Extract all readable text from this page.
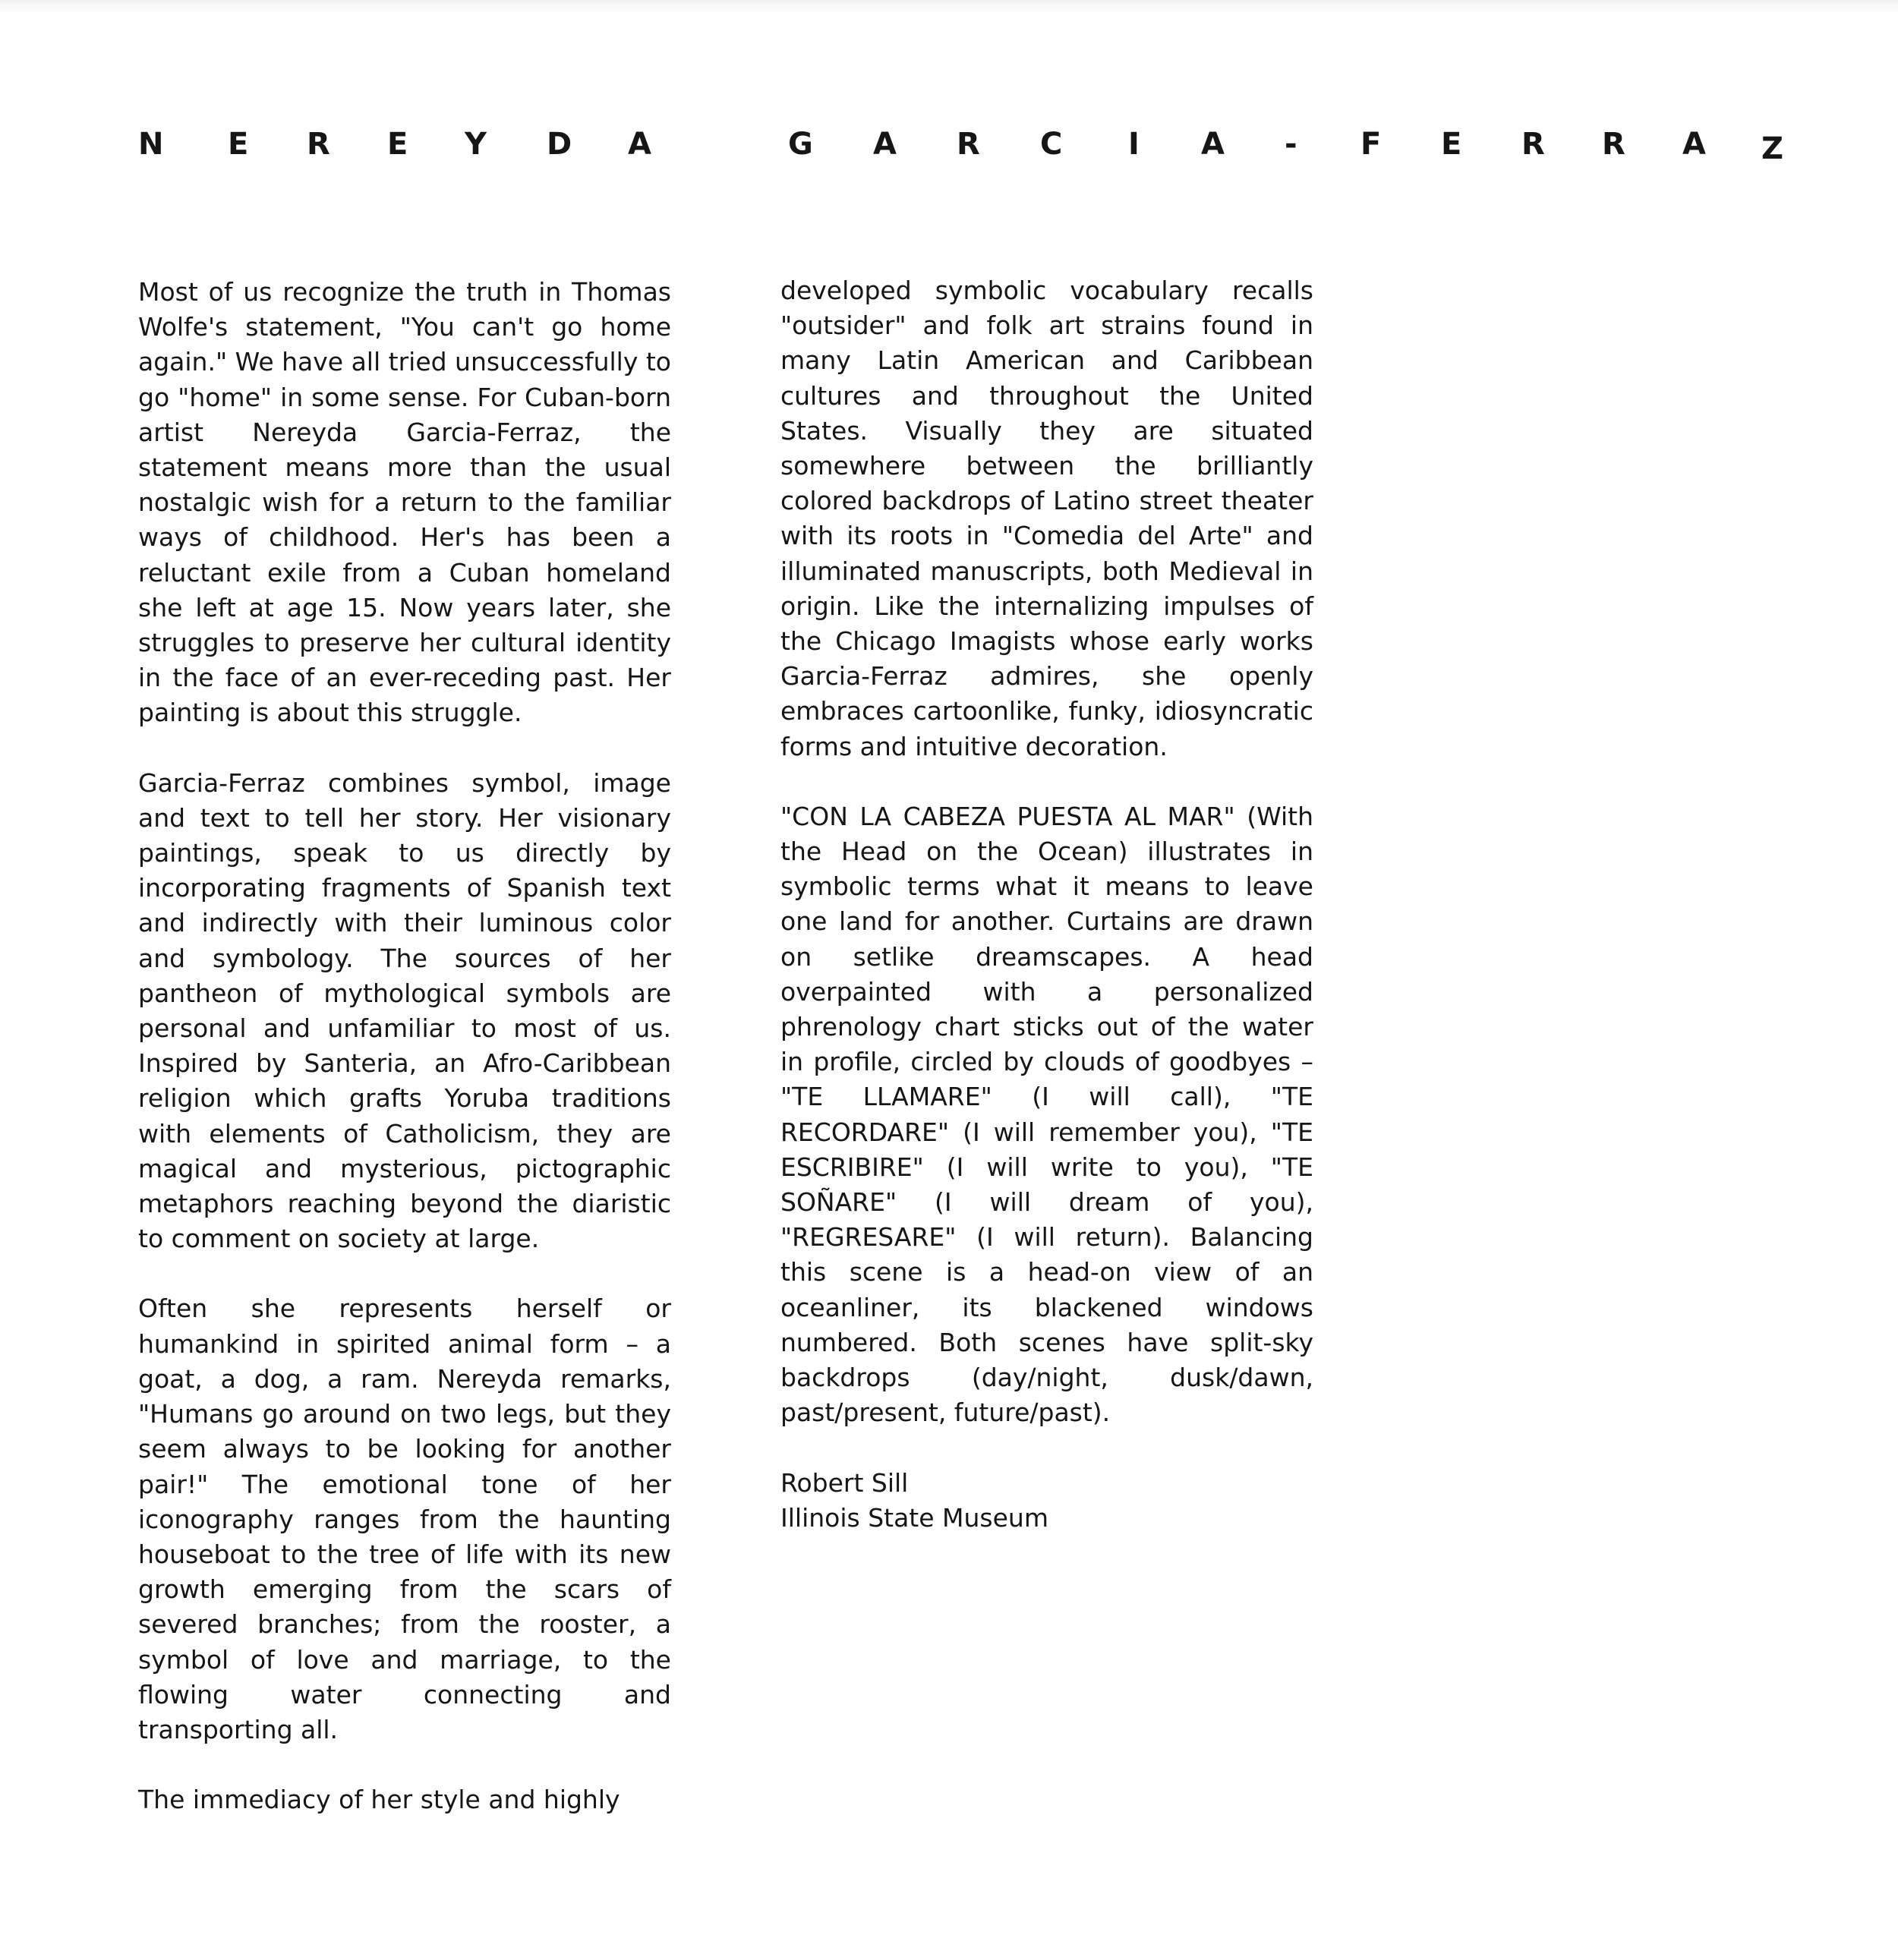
N E R E Y D A	G A R C I A - F E R R A Z

Most of us recognize the truth in Thomas Wolfe's statement, "You can't go home again." We have all tried unsuccessfully to go "home" in some sense. For Cuban-born artist Nereyda Garcia-Ferraz, the statement means more than the usual nostalgic wish for a return to the familiar ways of childhood. Her's has been a reluctant exile from a Cuban homeland she left at age 15. Now years later, she struggles to preserve her cultural identity in the face of an ever-receding past. Her painting is about this struggle.

Garcia-Ferraz combines symbol, image and text to tell her story. Her visionary paintings, speak to us directly by incorporating fragments of Spanish text and indirectly with their luminous color and symbology. The sources of her pantheon of mythological symbols are personal and unfamiliar to most of us. Inspired by Santeria, an Afro-Caribbean religion which grafts Yoruba traditions with elements of Catholicism, they are magical and mysterious, pictographic metaphors reaching beyond the diaristic to comment on society at large.

Often she represents herself or humankind in spirited animal form – a goat, a dog, a ram. Nereyda remarks, "Humans go around on two legs, but they seem always to be looking for another pair!" The emotional tone of her iconography ranges from the haunting houseboat to the tree of life with its new growth emerging from the scars of severed branches; from the rooster, a symbol of love and marriage, to the flowing water connecting and transporting all.

The immediacy of her style and highly

developed symbolic vocabulary recalls "outsider" and folk art strains found in many Latin American and Caribbean cultures and throughout the United States. Visually they are situated somewhere between the brilliantly colored backdrops of Latino street theater with its roots in "Comedia del Arte" and illuminated manuscripts, both Medieval in origin. Like the internalizing impulses of the Chicago Imagists whose early works Garcia-Ferraz admires, she openly embraces cartoonlike, funky, idiosyncratic forms and intuitive decoration.

"CON LA CABEZA PUESTA AL MAR" (With the Head on the Ocean) illustrates in symbolic terms what it means to leave one land for another. Curtains are drawn on setlike dreamscapes. A head overpainted with a personalized phrenology chart sticks out of the water in profile, circled by clouds of goodbyes – "TE LLAMARE" (I will call), "TE RECORDARE" (I will remember you), "TE ESCRIBIRE" (I will write to you), "TE SOÑARE" (I will dream of you), "REGRESARE" (I will return). Balancing this scene is a head-on view of an oceanliner, its blackened windows numbered. Both scenes have split-sky backdrops (day/night, dusk/dawn, past/present, future/past).

Robert Sill

Illinois State Museum
